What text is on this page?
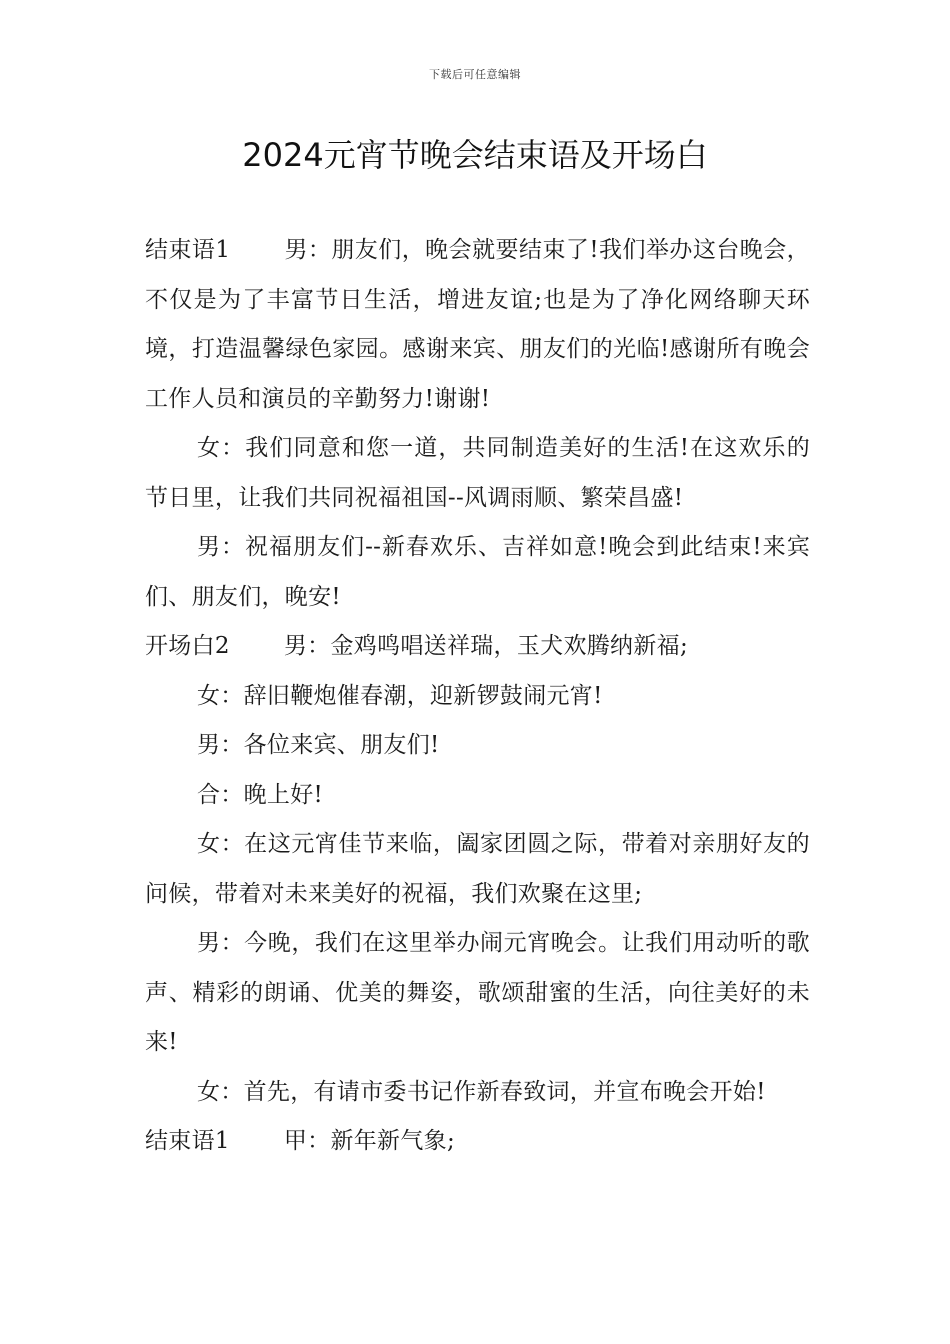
下载后可任意编辑
2024元宵节晚会结束语及开场白

结束语1 男：朋友们，晚会就要结束了!我们举办这台晚会，不仅是为了丰富节日生活，增进友谊;也是为了净化网络聊天环境，打造温馨绿色家园。感谢来宾、朋友们的光临!感谢所有晚会工作人员和演员的辛勤努力!谢谢!

女：我们同意和您一道，共同制造美好的生活!在这欢乐的节日里，让我们共同祝福祖国--风调雨顺、繁荣昌盛!

男：祝福朋友们--新春欢乐、吉祥如意!晚会到此结束!来宾们、朋友们，晚安!

开场白2 男：金鸡鸣唱送祥瑞，玉犬欢腾纳新福;

女：辞旧鞭炮催春潮，迎新锣鼓闹元宵!

男：各位来宾、朋友们!

合：晚上好!

女：在这元宵佳节来临，阖家团圆之际，带着对亲朋好友的问候，带着对未来美好的祝福，我们欢聚在这里;

男：今晚，我们在这里举办闹元宵晚会。让我们用动听的歌声、精彩的朗诵、优美的舞姿，歌颂甜蜜的生活，向往美好的未来!

女：首先，有请市委书记作新春致词，并宣布晚会开始!

结束语1 甲：新年新气象;
